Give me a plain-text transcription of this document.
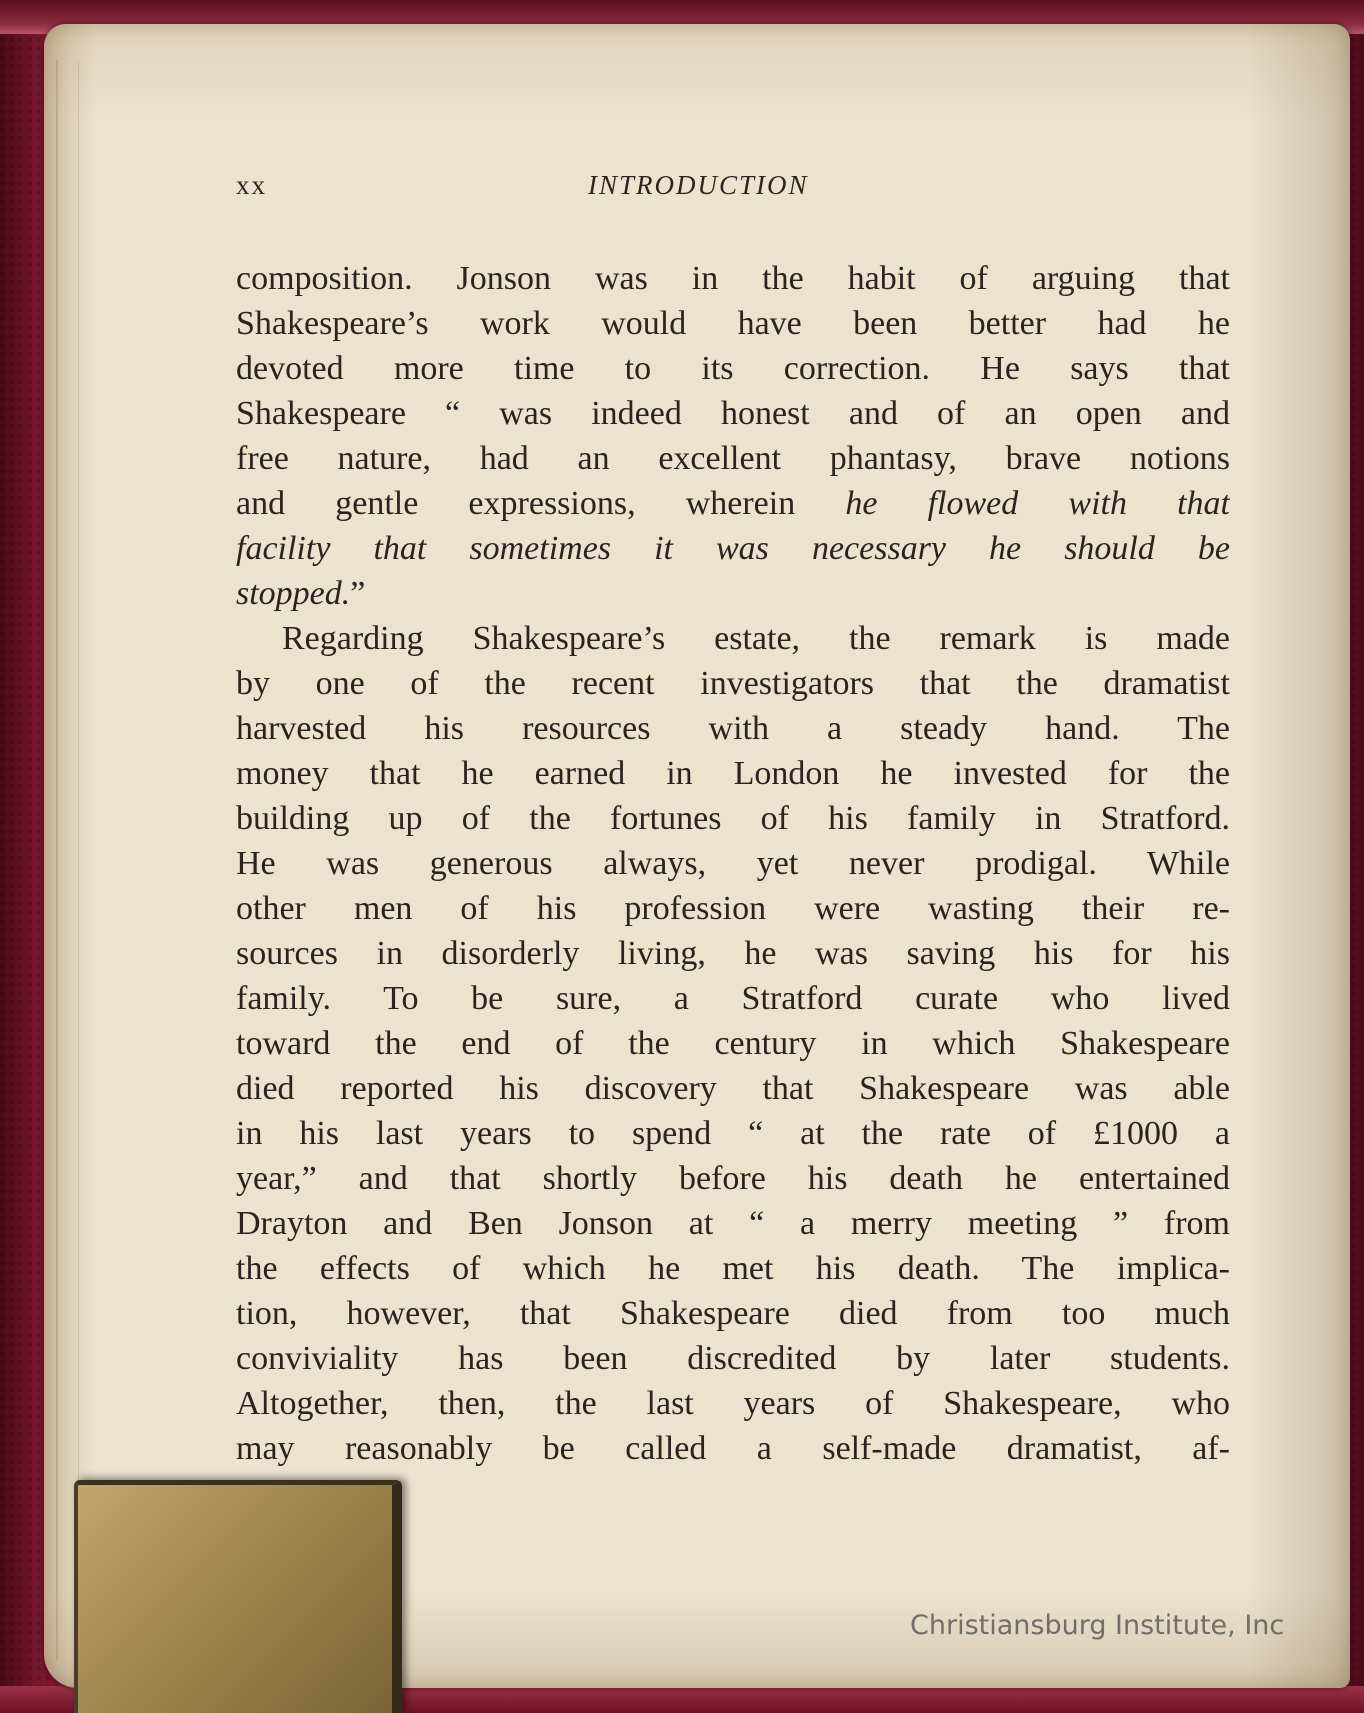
xx	INTRODUCTION
composition. Jonson was in the habit of arguing that
Shakespeare’s work would have been better had he
devoted more time to its correction. He says that
Shakespeare “ was indeed honest and of an open and
free nature, had an excellent phantasy, brave notions
and gentle expressions, wherein he flowed with that
facility that sometimes it was necessary he should be
stopped.”
Regarding Shakespeare’s estate, the remark is made
by one of the recent investigators that the dramatist
harvested his resources with a steady hand. The
money that he earned in London he invested for the
building up of the fortunes of his family in Stratford.
He was generous always, yet never prodigal. While
other men of his profession were wasting their re-
sources in disorderly living, he was saving his for his
family. To be sure, a Stratford curate who lived
toward the end of the century in which Shakespeare
died reported his discovery that Shakespeare was able
in his last years to spend “ at the rate of £1000 a
year,” and that shortly before his death he entertained
Drayton and Ben Jonson at “ a merry meeting ” from
the effects of which he met his death. The implica-
tion, however, that Shakespeare died from too much
conviviality has been discredited by later students.
Altogether, then, the last years of Shakespeare, who
may reasonably be called a self-made dramatist, af-
Christiansburg Institute, Inc
